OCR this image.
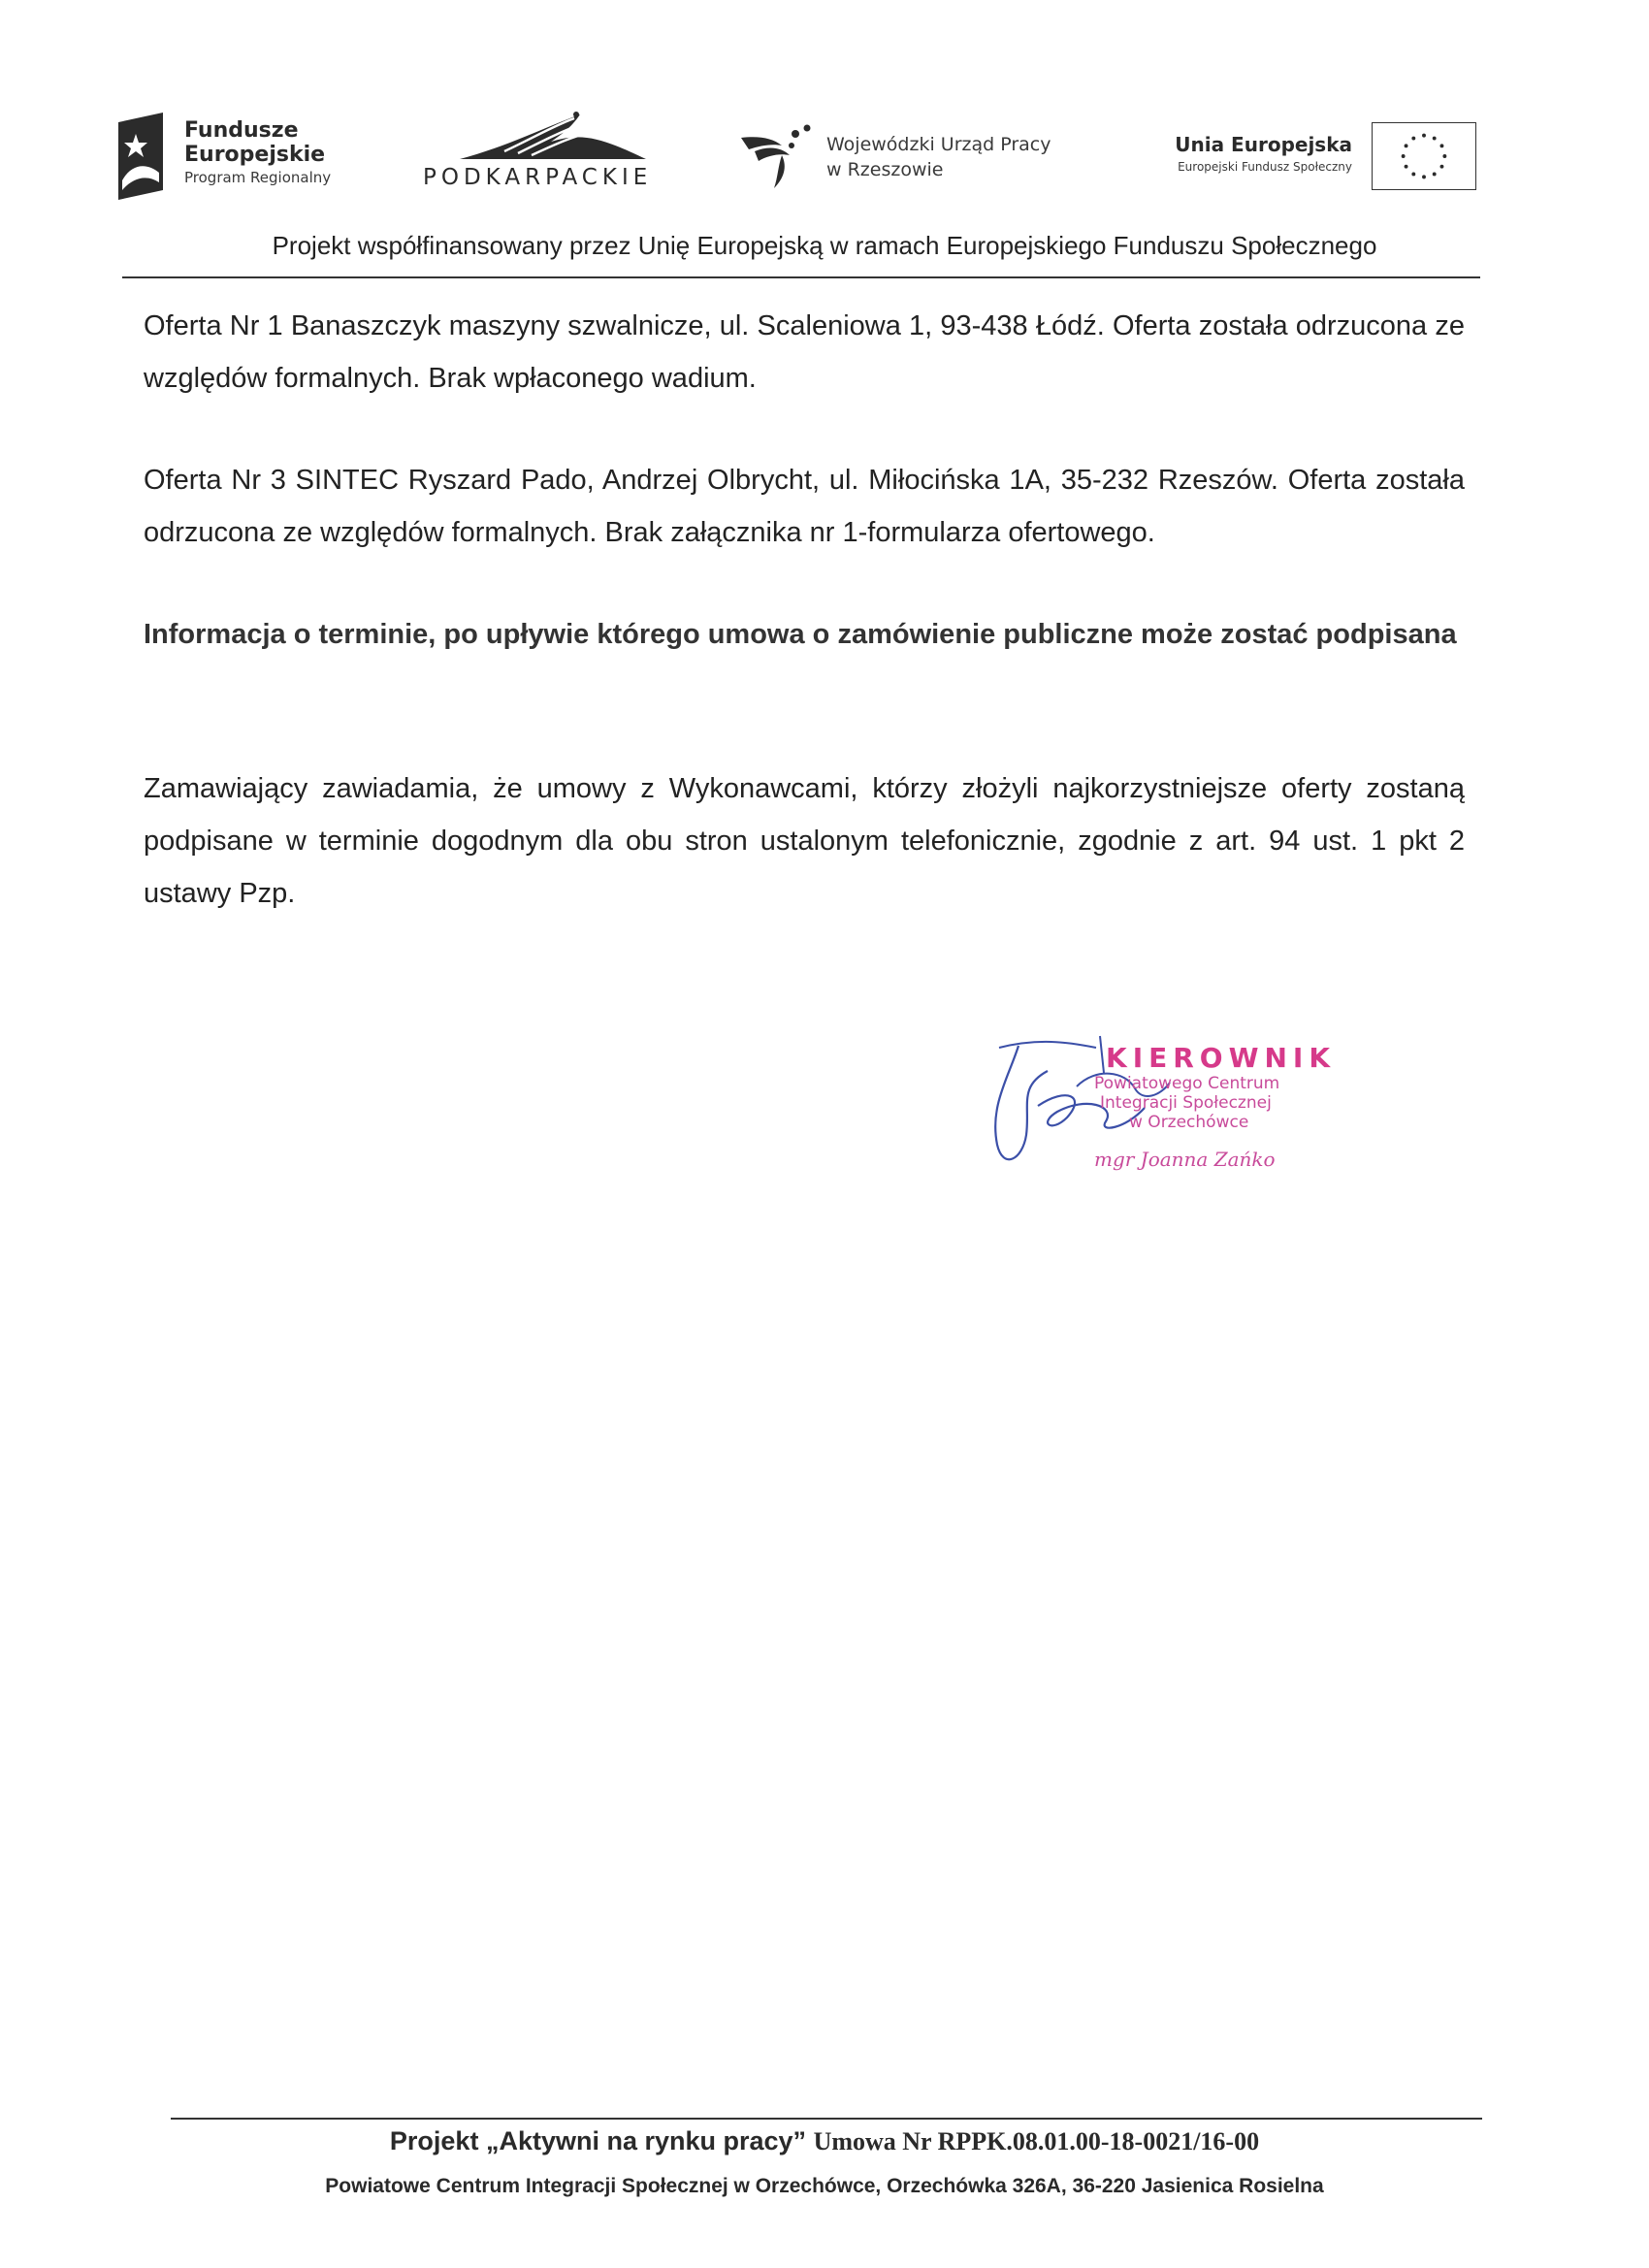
Fundusze
Europejskie
Program Regionalny	PODKARPACKIE
Wojewódzki Urząd Pracy
w Rzeszowie
Unia Europejska
Europejski Fundusz Społeczny
Projekt współfinansowany przez Unię Europejską w ramach Europejskiego Funduszu Społecznego
Oferta Nr 1 Banaszczyk maszyny szwalnicze, ul. Scaleniowa 1, 93-438 Łódź. Oferta została odrzucona ze względów formalnych. Brak wpłaconego wadium.
Oferta Nr 3 SINTEC Ryszard Pado, Andrzej Olbrycht, ul. Miłocińska 1A, 35-232 Rzeszów. Oferta została odrzucona ze względów formalnych. Brak załącznika nr 1-formularza ofertowego.
Informacja o terminie, po upływie którego umowa o zamówienie publiczne może zostać podpisana
Zamawiający zawiadamia, że umowy z Wykonawcami, którzy złożyli najkorzystniejsze oferty zostaną podpisane w terminie dogodnym dla obu stron ustalonym telefonicznie, zgodnie z art. 94 ust. 1 pkt 2 ustawy Pzp.
KIEROWNIK
Powiatowego Centrum
Integracji Społecznej
w Orzechówce
mgr Joanna Zańko
Projekt „Aktywni na rynku pracy” Umowa Nr RPPK.08.01.00-18-0021/16-00
Powiatowe Centrum Integracji Społecznej w Orzechówce, Orzechówka 326A, 36-220 Jasienica Rosielna
